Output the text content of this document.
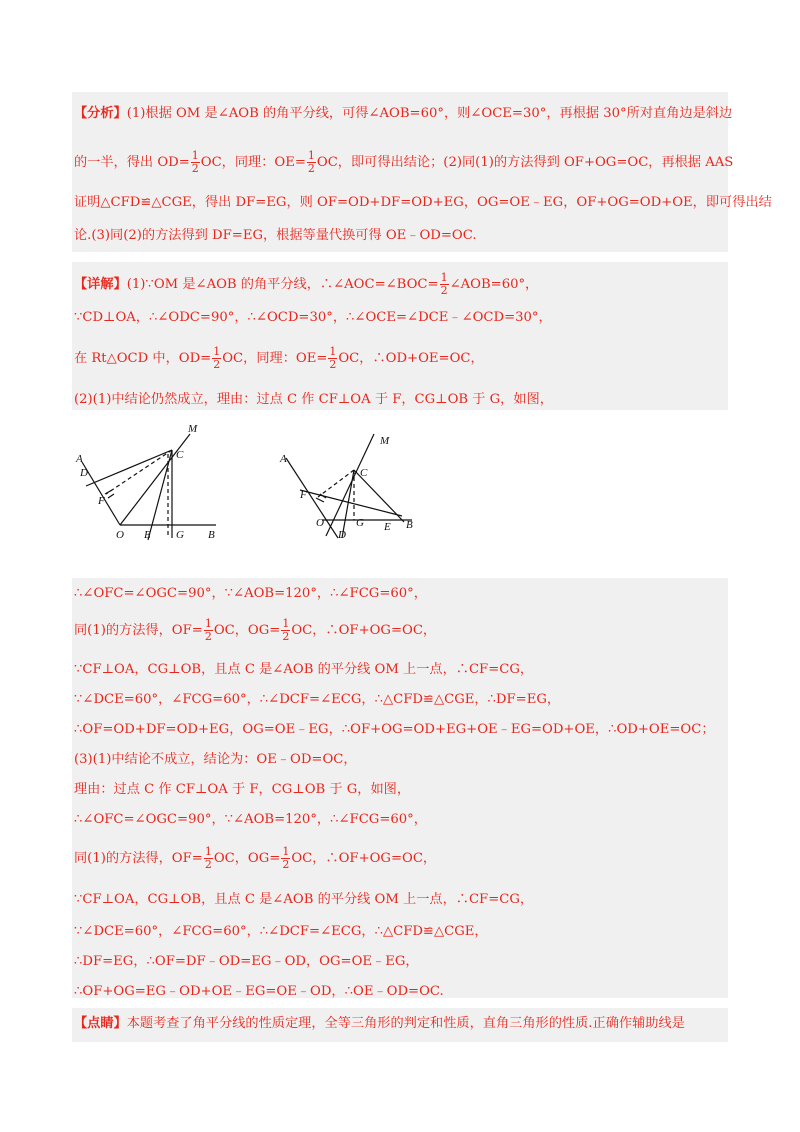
【分析】(1)根据 OM 是∠AOB 的角平分线，可得∠AOB=60°，则∠OCE=30°，再根据 30°所对直角边是斜边
的一半，得出 $OD= \frac{1}{2}$ OC，同理：$OE= \frac{1}{2}$ OC，即可得出结论；(2)同(1)的方法得到 OF+OG=OC，再根据 AAS
证明△CFD≌△CGE，得出 DF=EG，则 OF=OD+DF=OD+EG，OG=OE﹣EG，OF+OG=OD+OE，即可得出结
论.(3)同(2)的方法得到 DF=EG，根据等量代换可得 OE﹣OD=OC.
【详解】(1)∵OM 是∠AOB 的角平分线，∴∠AOC=∠BOC= $\frac{1}{2}$ ∠AOB=60°，
∵CD⊥OA，∴∠ODC=90°，∴∠OCD=30°，∴∠OCE=∠DCE﹣∠OCD=30°，
在 Rt△OCD 中，$OD= \frac{1}{2}$ OC，同理：$OE= \frac{1}{2}$ OC，∴OD+OE=OC，
(2)(1)中结论仍然成立，理由：过点 C 作 CF⊥OA 于 F，CG⊥OB 于 G，如图，
M
A	C
D
F
O E G B
M
A
C
F
O	G E B
D
∴∠OFC=∠OGC=90°，∵∠AOB=120°，∴∠FCG=60°，
同(1)的方法得，$OF= \frac{1}{2}$ OC，$OG= \frac{1}{2}$ OC，∴OF+OG=OC，
∵CF⊥OA，CG⊥OB，且点 C 是∠AOB 的平分线 OM 上一点，∴CF=CG，
∵∠DCE=60°，∠FCG=60°，∴∠DCF=∠ECG，∴△CFD≌△CGE，∴DF=EG，
∴OF=OD+DF=OD+EG，OG=OE﹣EG，∴OF+OG=OD+EG+OE﹣EG=OD+OE，∴OD+OE=OC；
(3)(1)中结论不成立，结论为：OE﹣OD=OC，
理由：过点 C 作 CF⊥OA 于 F，CG⊥OB 于 G，如图，
∴∠OFC=∠OGC=90°，∵∠AOB=120°，∴∠FCG=60°，
同(1)的方法得，$OF= \frac{1}{2}$ OC，$OG= \frac{1}{2}$ OC，∴OF+OG=OC，
∵CF⊥OA，CG⊥OB，且点 C 是∠AOB 的平分线 OM 上一点，∴CF=CG，
∵∠DCE=60°，∠FCG=60°，∴∠DCF=∠ECG，∴△CFD≌△CGE，
∴DF=EG，∴OF=DF﹣OD=EG﹣OD，OG=OE﹣EG，
∴OF+OG=EG﹣OD+OE﹣EG=OE﹣OD，∴OE﹣OD=OC.
【点睛】本题考查了角平分线的性质定理，全等三角形的判定和性质，直角三角形的性质.正确作辅助线是
